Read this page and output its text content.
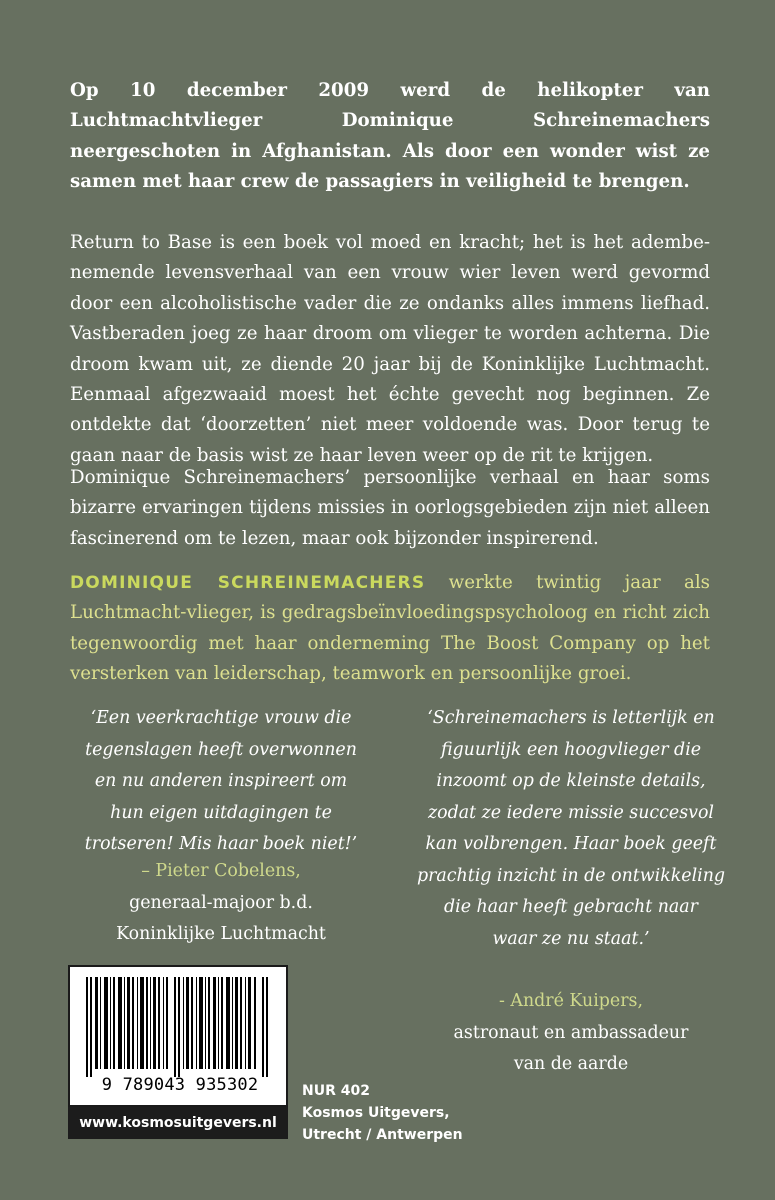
Op 10 december 2009 werd de helikopter van Luchtmachtvlieger Dominique Schreinemachers neergeschoten in Afghanistan. Als door een wonder wist ze samen met haar crew de passagiers in veiligheid te brengen.

Return to Base is een boek vol moed en kracht; het is het adembenemende levensverhaal van een vrouw wier leven werd gevormd door een alcoholistische vader die ze ondanks alles immens liefhad. Vastberaden joeg ze haar droom om vlieger te worden achterna. Die droom kwam uit, ze diende 20 jaar bij de Koninklijke Luchtmacht. Eenmaal afgezwaaid moest het échte gevecht nog beginnen. Ze ontdekte dat ‘doorzetten’ niet meer voldoende was. Door terug te gaan naar de basis wist ze haar leven weer op de rit te krijgen.

Dominique Schreinemachers’ persoonlijke verhaal en haar soms bizarre ervaringen tijdens missies in oorlogsgebieden zijn niet alleen fascinerend om te lezen, maar ook bijzonder inspirerend.

DOMINIQUE SCHREINEMACHERS werkte twintig jaar als Luchtmacht-vlieger, is gedragsbeïnvloedingspsycholoog en richt zich tegenwoordig met haar onderneming The Boost Company op het versterken van leiderschap, teamwork en persoonlijke groei.

‘Een veerkrachtige vrouw die
tegenslagen heeft overwonnen
en nu anderen inspireert om
hun eigen uitdagingen te
trotseren! Mis haar boek niet!’
– Pieter Cobelens,
generaal-majoor b.d.
Koninklijke Luchtmacht
‘Schreinemachers is letterlijk en
figuurlijk een hoogvlieger die
inzoomt op de kleinste details,
zodat ze iedere missie succesvol
kan volbrengen. Haar boek geeft
prachtig inzicht in de ontwikkeling
die haar heeft gebracht naar
waar ze nu staat.’
- André Kuipers,
astronaut en ambassadeur
van de aarde
9 789043 935302
www.kosmosuitgevers.nl
NUR 402
Kosmos Uitgevers,
Utrecht / Antwerpen
